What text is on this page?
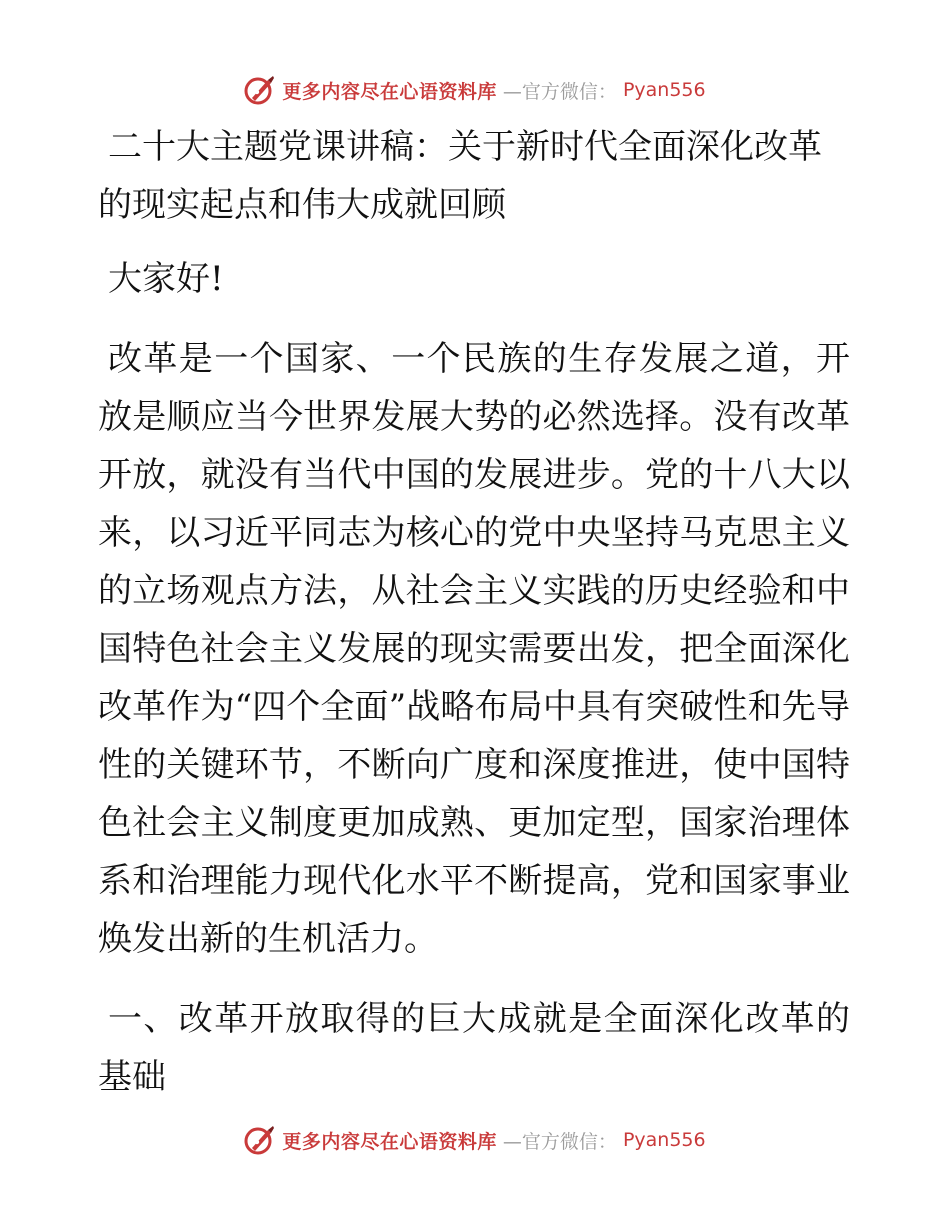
更多内容尽在心语资料库 —官方微信： Pyan556
二十大主题党课讲稿：关于新时代全面深化改革的现实起点和伟大成就回顾

大家好!

改革是一个国家、一个民族的生存发展之道，开放是顺应当今世界发展大势的必然选择。没有改革开放，就没有当代中国的发展进步。党的十八大以来，以习近平同志为核心的党中央坚持马克思主义的立场观点方法，从社会主义实践的历史经验和中国特色社会主义发展的现实需要出发，把全面深化改革作为“四个全面”战略布局中具有突破性和先导性的关键环节，不断向广度和深度推进，使中国特色社会主义制度更加成熟、更加定型，国家治理体系和治理能力现代化水平不断提高，党和国家事业焕发出新的生机活力。

一、改革开放取得的巨大成就是全面深化改革的基础

更多内容尽在心语资料库 —官方微信： Pyan556
